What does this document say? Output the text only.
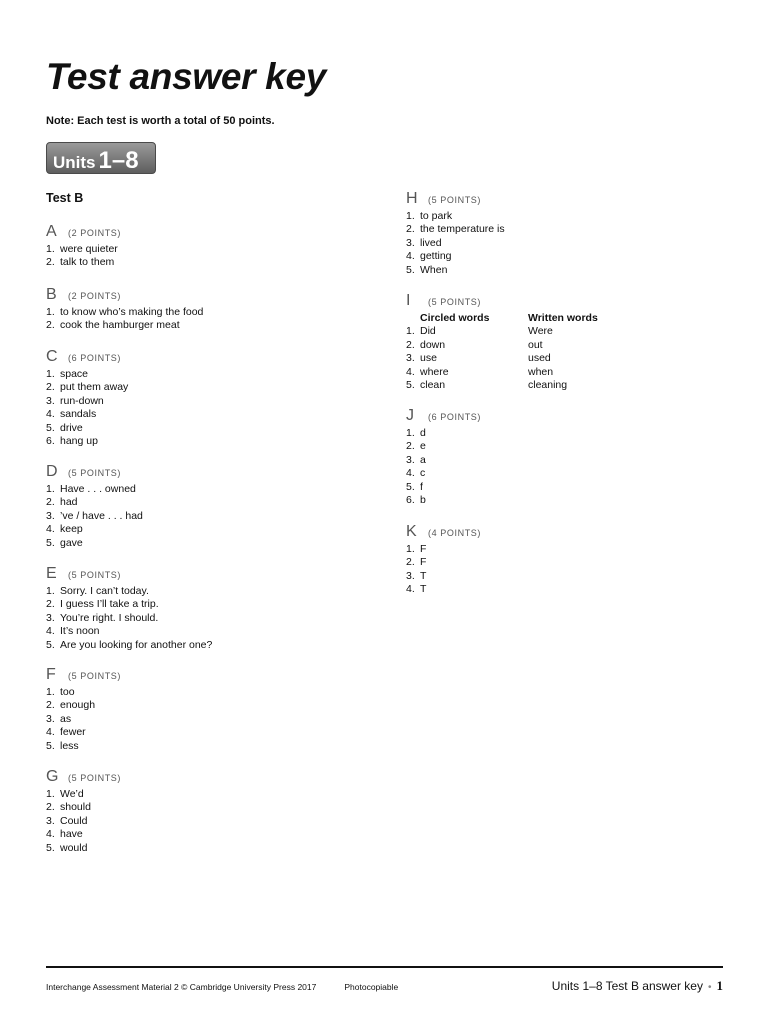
Test answer key
Note: Each test is worth a total of 50 points.
Units 1–8
Test B
A	(2 POINTS)
1. were quieter
2. talk to them
B	(2 POINTS)
1. to know who’s making the food
2. cook the hamburger meat
C	(6 POINTS)
1. space
2. put them away
3. run-down
4. sandals
5. drive
6. hang up
D	(5 POINTS)
1. Have . . . owned
2. had
3. ’ve / have . . . had
4. keep
5. gave
E	(5 POINTS)
1. Sorry. I can’t today.
2. I guess I’ll take a trip.
3. You’re right. I should.
4. It’s noon
5. Are you looking for another one?
F	(5 POINTS)
1. too
2. enough
3. as
4. fewer
5. less
G	(5 POINTS)
1. We’d
2. should
3. Could
4. have
5. would
H	(5 POINTS)
1. to park
2. the temperature is
3. lived
4. getting
5. When
I	(5 POINTS)
Circled words	Written words
1. Did	Were
2. down	out
3. use	used
4. where	when
5. clean	cleaning
J	(6 POINTS)
1. d
2. e
3. a
4. c
5. f
6. b
K	(4 POINTS)
1. F
2. F
3. T
4. T
Interchange Assessment Material 2 © Cambridge University Press 2017	Photocopiable	Units 1–8 Test B answer key • 1
